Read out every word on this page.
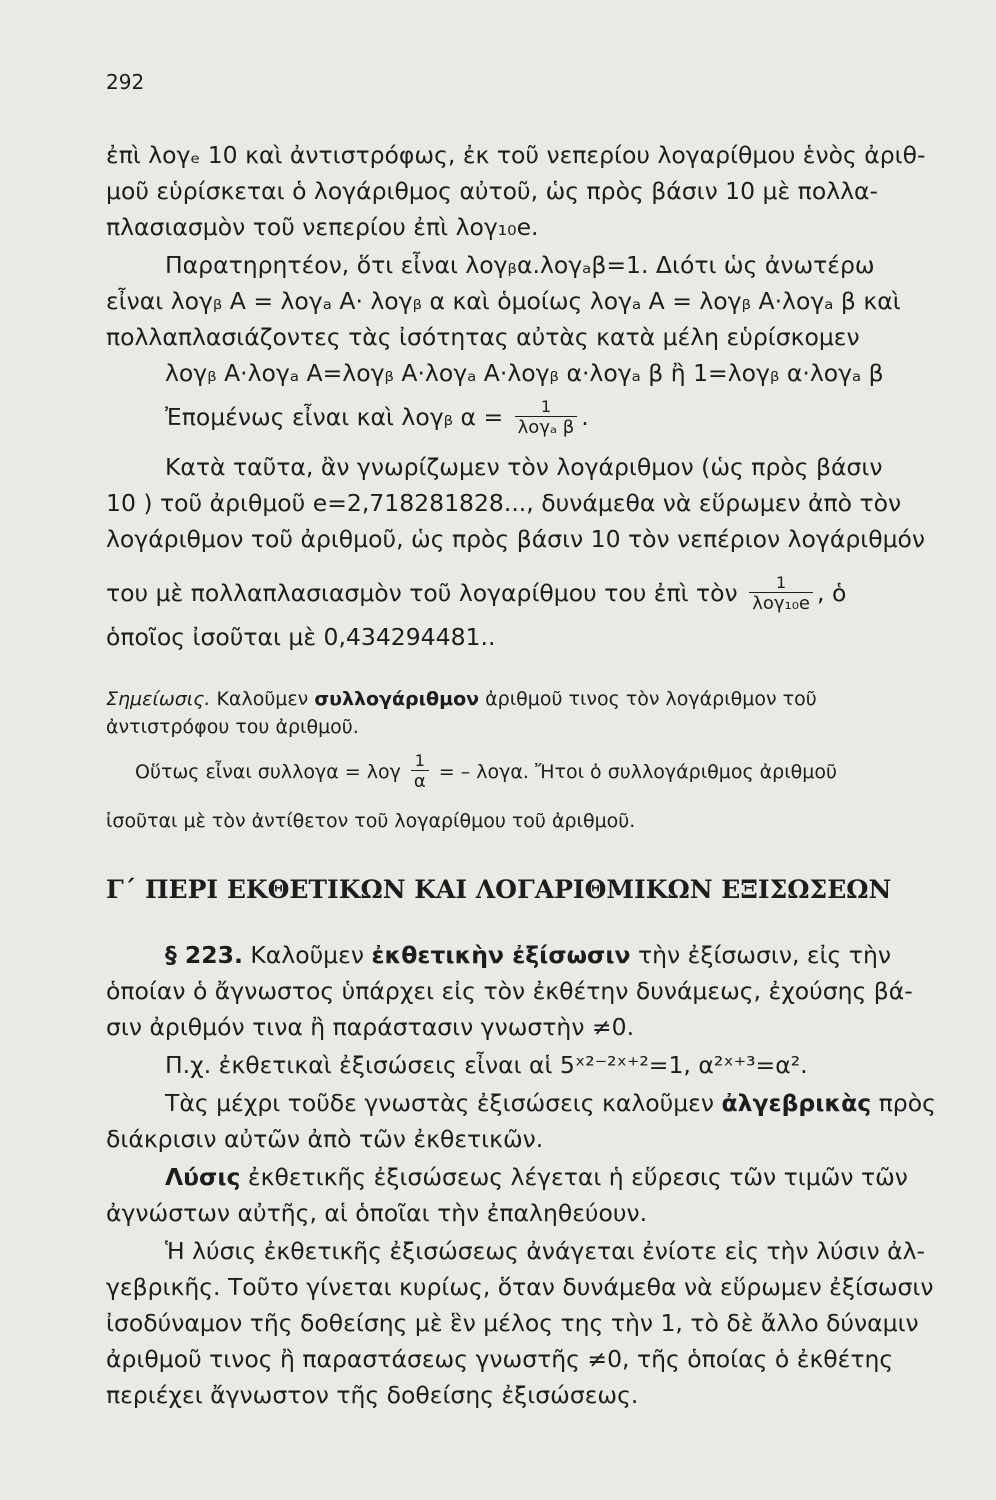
292
ἐπὶ λογₑ 10 καὶ ἀντιστρόφως, ἐκ τοῦ νεπερίου λογαρίθμου ἑνὸς ἀριθ-
μοῦ εὑρίσκεται ὁ λογάριθμος αὐτοῦ, ὡς πρὸς βάσιν 10 μὲ πολλα-
πλασιασμὸν τοῦ νεπερίου ἐπὶ λογ₁₀e.
Παρατηρητέον, ὅτι εἶναι λογᵦα.λογₐβ=1. Διότι ὡς ἀνωτέρω
εἶναι λογᵦ A = λογₐ A· λογᵦ α καὶ ὁμοίως λογₐ A = λογᵦ A·λογₐ β καὶ
πολλαπλασιάζοντες τὰς ἰσότητας αὐτὰς κατὰ μέλη εὑρίσκομεν
λογᵦ A·λογₐ A=λογᵦ A·λογₐ A·λογᵦ α·λογₐ β ἢ 1=λογᵦ α·λογₐ β
Ἐπομένως εἶναι καὶ λογᵦ $\alpha = \frac{1}{\text{λογₐ β}}$ .
Κατὰ ταῦτα, ἂν γνωρίζωμεν τὸν λογάριθμον (ὡς πρὸς βάσιν
10 ) τοῦ ἀριθμοῦ e=2,718281828..., δυνάμεθα νὰ εὕρωμεν ἀπὸ τὸν
λογάριθμον τοῦ ἀριθμοῦ, ὡς πρὸς βάσιν 10 τὸν νεπέριον λογάριθμόν
του μὲ πολλαπλασιασμὸν τοῦ λογαρίθμου του ἐπὶ τὸν $\frac{1}{\text{λογ₁₀e}}$ , ὁ
ὁποῖος ἰσοῦται μὲ 0,434294481..
Σημείωσις. Καλοῦμεν συλλογάριθμον ἀριθμοῦ τινος τὸν λογάριθμον τοῦ
ἀντιστρόφου του ἀριθμοῦ.
Οὕτως εἶναι συλλογα = λογ $\frac{1}{\alpha}$ = – λογα. Ἤτοι ὁ συλλογάριθμος ἀριθμοῦ
ἰσοῦται μὲ τὸν ἀντίθετον τοῦ λογαρίθμου τοῦ ἀριθμοῦ.
Γ΄ ΠΕΡΙ ΕΚΘΕΤΙΚΩΝ ΚΑΙ ΛΟΓΑΡΙΘΜΙΚΩΝ ΕΞΙΣΩΣΕΩΝ
§ 223. Καλοῦμεν ἐκθετικὴν ἐξίσωσιν τὴν ἐξίσωσιν, εἰς τὴν
ὁποίαν ὁ ἄγνωστος ὑπάρχει εἰς τὸν ἐκθέτην δυνάμεως, ἐχούσης βά-
σιν ἀριθμόν τινα ἢ παράστασιν γνωστὴν ≠0.
Π.χ. ἐκθετικαὶ ἐξισώσεις εἶναι αἱ 5ˣ²⁻²ˣ⁺²=1, α²ˣ⁺³=α².
Τὰς μέχρι τοῦδε γνωστὰς ἐξισώσεις καλοῦμεν ἀλγεβρικὰς πρὸς
διάκρισιν αὐτῶν ἀπὸ τῶν ἐκθετικῶν.
Λύσις ἐκθετικῆς ἐξισώσεως λέγεται ἡ εὕρεσις τῶν τιμῶν τῶν
ἀγνώστων αὐτῆς, αἱ ὁποῖαι τὴν ἐπαληθεύουν.
Ἡ λύσις ἐκθετικῆς ἐξισώσεως ἀνάγεται ἐνίοτε εἰς τὴν λύσιν ἀλ-
γεβρικῆς. Τοῦτο γίνεται κυρίως, ὅταν δυνάμεθα νὰ εὕρωμεν ἐξίσωσιν
ἰσοδύναμον τῆς δοθείσης μὲ ἓν μέλος της τὴν 1, τὸ δὲ ἄλλο δύναμιν
ἀριθμοῦ τινος ἢ παραστάσεως γνωστῆς ≠0, τῆς ὁποίας ὁ ἐκθέτης
περιέχει ἄγνωστον τῆς δοθείσης ἐξισώσεως.
